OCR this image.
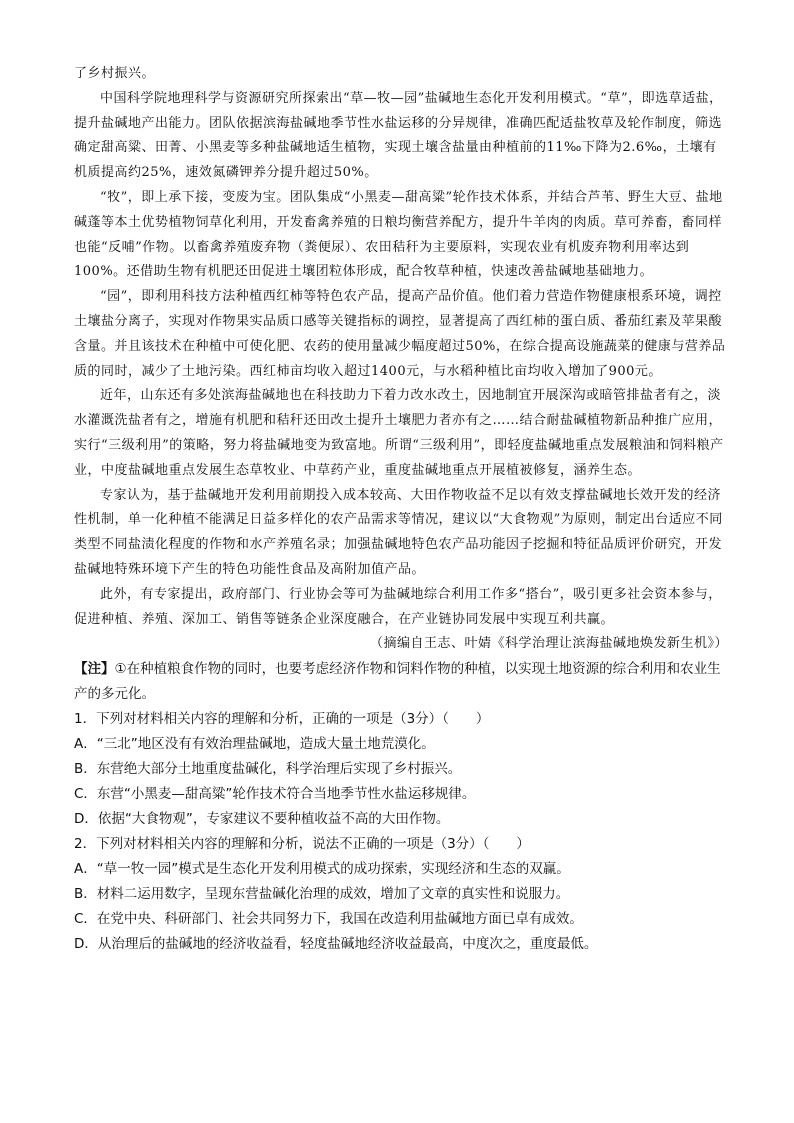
了乡村振兴。

中国科学院地理科学与资源研究所探索出“草—牧—园”盐碱地生态化开发利用模式。“草”，即选草适盐，提升盐碱地产出能力。团队依据滨海盐碱地季节性水盐运移的分异规律，准确匹配适盐牧草及轮作制度，筛选确定甜高粱、田菁、小黑麦等多种盐碱地适生植物，实现土壤含盐量由种植前的11‰下降为2.6‰，土壤有机质提高约25%，速效氮磷钾养分提升超过50%。

“牧”，即上承下接，变废为宝。团队集成“小黑麦—甜高粱”轮作技术体系，并结合芦苇、野生大豆、盐地碱蓬等本土优势植物饲草化利用，开发畜禽养殖的日粮均衡营养配方，提升牛羊肉的肉质。草可养畜，畜同样也能“反哺”作物。以畜禽养殖废弃物（粪便尿）、农田秸秆为主要原料，实现农业有机废弃物利用率达到100%。还借助生物有机肥还田促进土壤团粒体形成，配合牧草种植，快速改善盐碱地基础地力。

“园”，即利用科技方法种植西红柿等特色农产品，提高产品价值。他们着力营造作物健康根系环境，调控土壤盐分离子，实现对作物果实品质口感等关键指标的调控，显著提高了西红柿的蛋白质、番茄红素及苹果酸含量。并且该技术在种植中可使化肥、农药的使用量减少幅度超过50%，在综合提高设施蔬菜的健康与营养品质的同时，减少了土地污染。西红柿亩均收入超过1400元，与水稻种植比亩均收入增加了900元。

近年，山东还有多处滨海盐碱地也在科技助力下着力改水改土，因地制宜开展深沟或暗管排盐者有之，淡水灌溉洗盐者有之，增施有机肥和秸秆还田改土提升土壤肥力者亦有之……结合耐盐碱植物新品种推广应用，实行“三级利用”的策略，努力将盐碱地变为致富地。所谓“三级利用”，即轻度盐碱地重点发展粮油和饲料粮产业，中度盐碱地重点发展生态草牧业、中草药产业，重度盐碱地重点开展植被修复，涵养生态。

专家认为，基于盐碱地开发利用前期投入成本较高、大田作物收益不足以有效支撑盐碱地长效开发的经济性机制，单一化种植不能满足日益多样化的农产品需求等情况，建议以“大食物观”为原则，制定出台适应不同类型不同盐渍化程度的作物和水产养殖名录；加强盐碱地特色农产品功能因子挖掘和特征品质评价研究，开发盐碱地特殊环境下产生的特色功能性食品及高附加值产品。

此外，有专家提出，政府部门、行业协会等可为盐碱地综合利用工作多“搭台”，吸引更多社会资本参与，促进种植、养殖、深加工、销售等链条企业深度融合，在产业链协同发展中实现互利共赢。

（摘编自王志、叶婧《科学治理让滨海盐碱地焕发新生机》）

【注】①在种植粮食作物的同时，也要考虑经济作物和饲料作物的种植，以实现土地资源的综合利用和农业生产的多元化。

1．下列对材料相关内容的理解和分析，正确的一项是（3分）（　　）

A．“三北”地区没有有效治理盐碱地，造成大量土地荒漠化。

B．东营绝大部分土地重度盐碱化，科学治理后实现了乡村振兴。

C．东营“小黑麦—甜高粱”轮作技术符合当地季节性水盐运移规律。

D．依据“大食物观”，专家建议不要种植收益不高的大田作物。

2．下列对材料相关内容的理解和分析，说法不正确的一项是（3分）（　　）

A．“草一牧一园”模式是生态化开发利用模式的成功探索，实现经济和生态的双赢。

B．材料二运用数字，呈现东营盐碱化治理的成效，增加了文章的真实性和说服力。

C．在党中央、科研部门、社会共同努力下，我国在改造利用盐碱地方面已卓有成效。

D．从治理后的盐碱地的经济收益看，轻度盐碱地经济收益最高，中度次之，重度最低。
